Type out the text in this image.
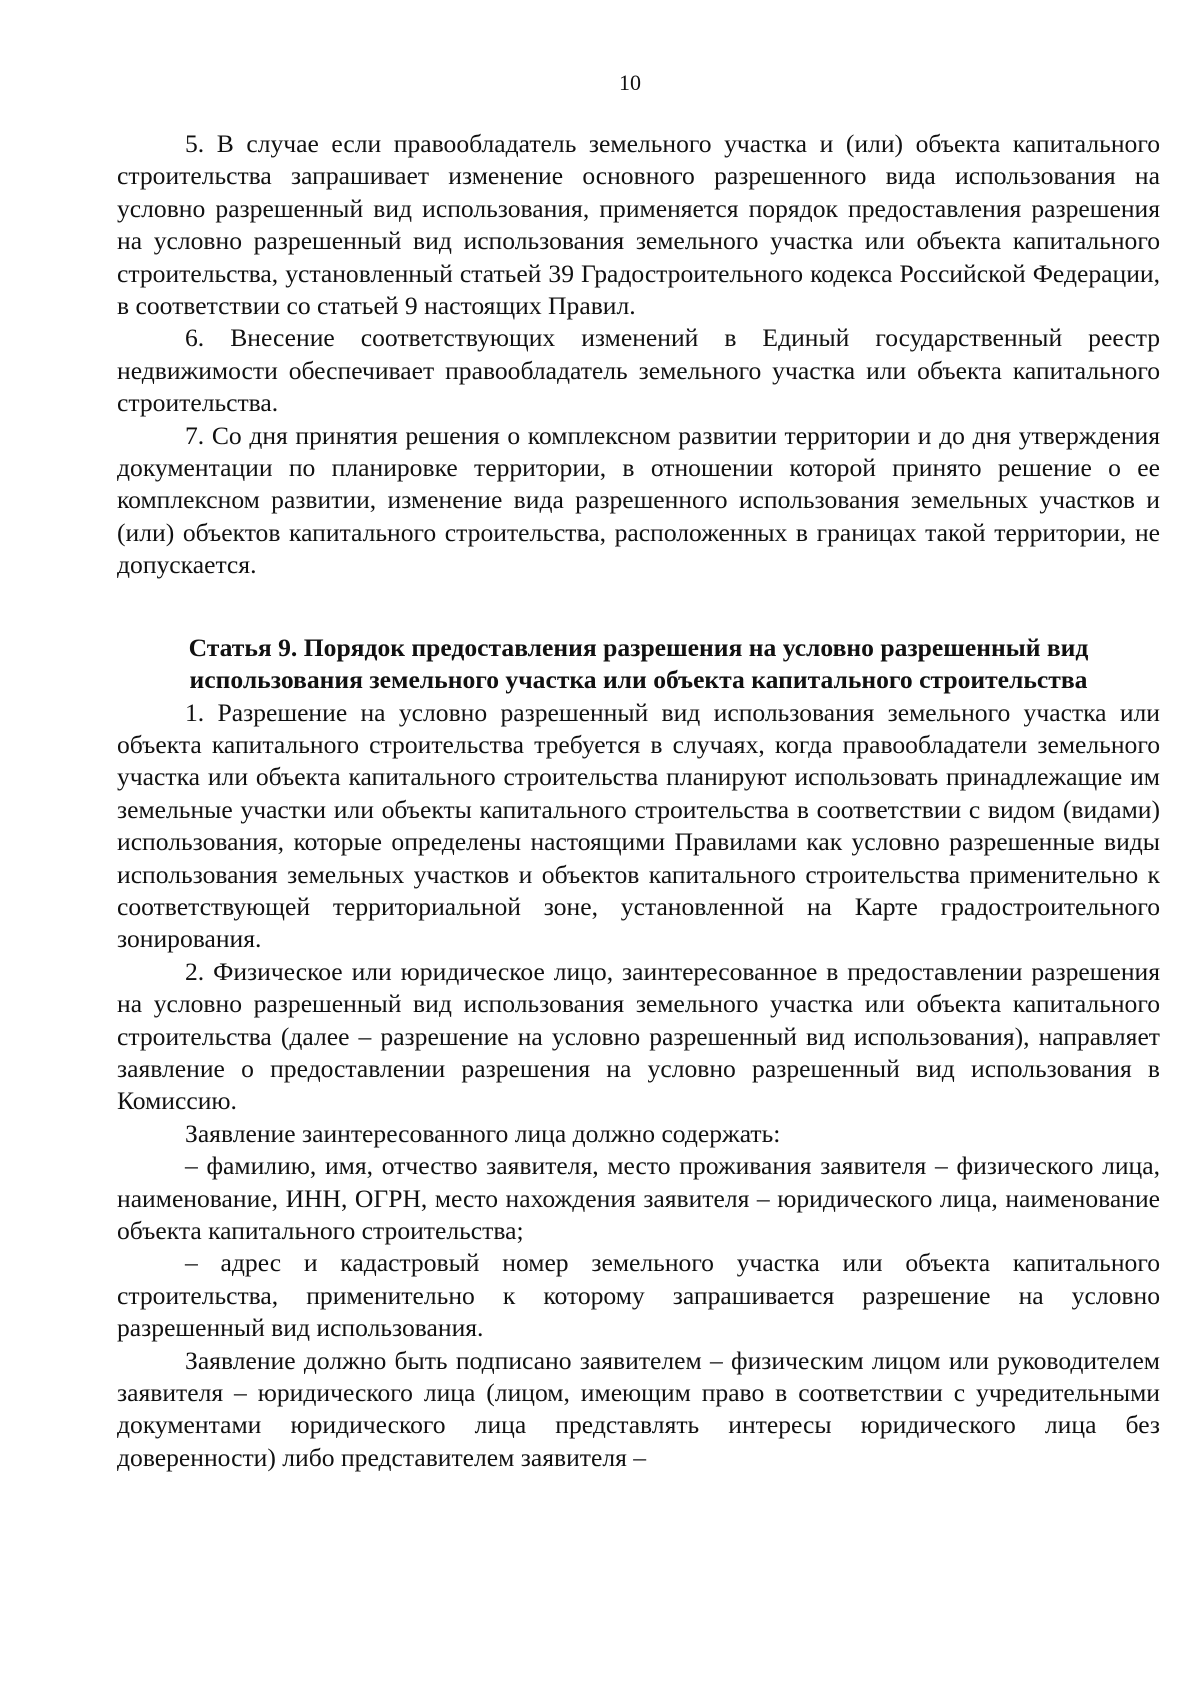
10

5. В случае если правообладатель земельного участка и (или) объекта капитального строительства запрашивает изменение основного разрешенного вида использования на условно разрешенный вид использования, применяется порядок предоставления разрешения на условно разрешенный вид использования земельного участка или объекта капитального строительства, установленный статьей 39 Градостроительного кодекса Российской Федерации, в соответствии со статьей 9 настоящих Правил.

6. Внесение соответствующих изменений в Единый государственный реестр недвижимости обеспечивает правообладатель земельного участка или объекта капитального строительства.

7. Со дня принятия решения о комплексном развитии территории и до дня утверждения документации по планировке территории, в отношении которой принято решение о ее комплексном развитии, изменение вида разрешенного использования земельных участков и (или) объектов капитального строительства, расположенных в границах такой территории, не допускается.

Статья 9. Порядок предоставления разрешения на условно разрешенный вид
использования земельного участка или объекта капитального строительства

1. Разрешение на условно разрешенный вид использования земельного участка или объекта капитального строительства требуется в случаях, когда правообладатели земельного участка или объекта капитального строительства планируют использовать принадлежащие им земельные участки или объекты капитального строительства в соответствии с видом (видами) использования, которые определены настоящими Правилами как условно разрешенные виды использования земельных участков и объектов капитального строительства применительно к соответствующей территориальной зоне, установленной на Карте градостроительного зонирования.

2. Физическое или юридическое лицо, заинтересованное в предоставлении разрешения на условно разрешенный вид использования земельного участка или объекта капитального строительства (далее – разрешение на условно разрешенный вид использования), направляет заявление о предоставлении разрешения на условно разрешенный вид использования в Комиссию.

Заявление заинтересованного лица должно содержать:

– фамилию, имя, отчество заявителя, место проживания заявителя – физического лица, наименование, ИНН, ОГРН, место нахождения заявителя – юридического лица, наименование объекта капитального строительства;

– адрес и кадастровый номер земельного участка или объекта капитального строительства, применительно к которому запрашивается разрешение на условно разрешенный вид использования.

Заявление должно быть подписано заявителем – физическим лицом или руководителем заявителя – юридического лица (лицом, имеющим право в соответствии с учредительными документами юридического лица представлять интересы юридического лица без доверенности) либо представителем заявителя –
